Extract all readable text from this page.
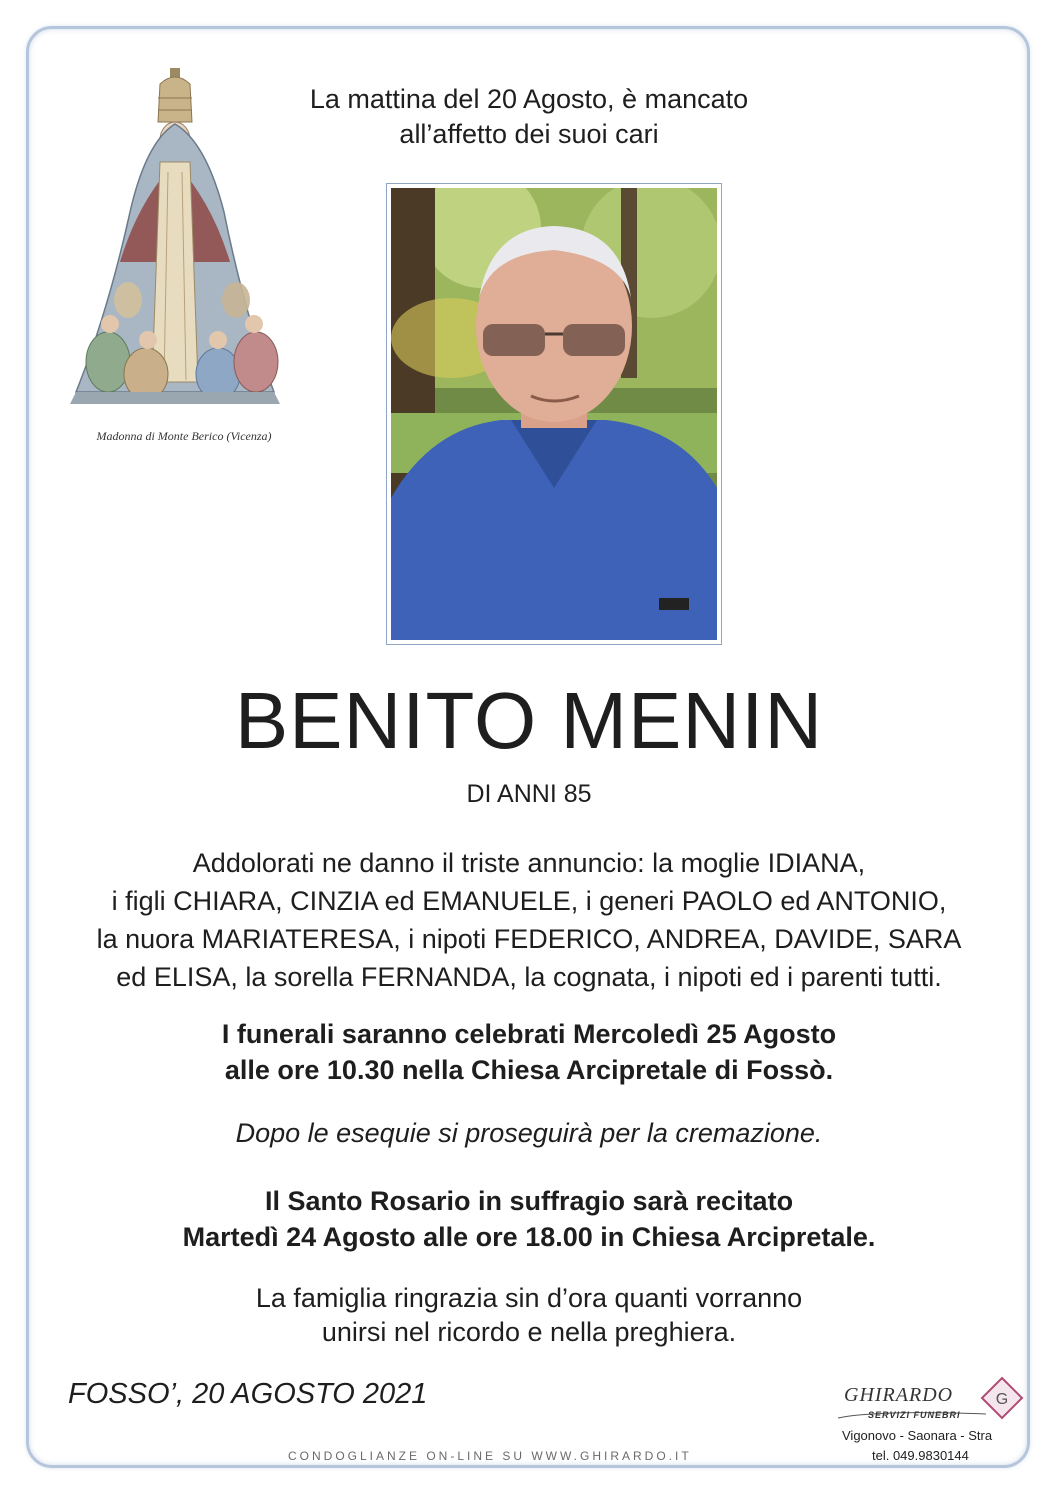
Madonna di Monte Berico (Vicenza)
La mattina del 20 Agosto, è mancato
all’affetto dei suoi cari
BENITO MENIN
DI ANNI 85
Addolorati ne danno il triste annuncio: la moglie IDIANA,
i figli CHIARA, CINZIA ed EMANUELE, i generi PAOLO ed ANTONIO,
la nuora MARIATERESA, i nipoti FEDERICO, ANDREA, DAVIDE, SARA
ed ELISA, la sorella FERNANDA, la cognata, i nipoti ed i parenti tutti.
I funerali saranno celebrati Mercoledì 25 Agosto
alle ore 10.30 nella Chiesa Arcipretale di Fossò.
Dopo le esequie si proseguirà per la cremazione.
Il Santo Rosario in suffragio sarà recitato
Martedì 24 Agosto alle ore 18.00 in Chiesa Arcipretale.
La famiglia ringrazia sin d’ora quanti vorranno
unirsi nel ricordo e nella preghiera.
FOSSO’, 20 AGOSTO 2021
CONDOGLIANZE ON-LINE SU WWW.GHIRARDO.IT
G
GHIRARDO
SERVIZI FUNEBRI
Vigonovo - Saonara - Stra
tel. 049.9830144
